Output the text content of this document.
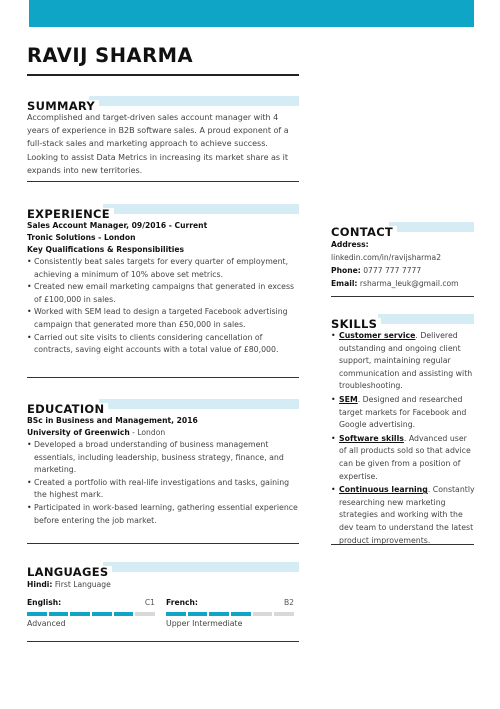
RAVIJ SHARMA
SUMMARY
Accomplished and target-driven sales account manager with 4 years of experience in B2B software sales. A proud exponent of a full-stack sales and marketing approach to achieve success. Looking to assist Data Metrics in increasing its market share as it expands into new territories.
EXPERIENCE
Sales Account Manager, 09/2016 - Current
Tronic Solutions - London
Key Qualifications & Responsibilities
• Consistently beat sales targets for every quarter of employment, achieving a minimum of 10% above set metrics.
• Created new email marketing campaigns that generated in excess of £100,000 in sales.
• Worked with SEM lead to design a targeted Facebook advertising campaign that generated more than £50,000 in sales.
• Carried out site visits to clients considering cancellation of contracts, saving eight accounts with a total value of £80,000.
EDUCATION
BSc in Business and Management, 2016
University of Greenwich - London
• Developed a broad understanding of business management essentials, including leadership, business strategy, finance, and marketing.
• Created a portfolio with real-life investigations and tasks, gaining the highest mark.
• Participated in work-based learning, gathering essential experience before entering the job market.
LANGUAGES
Hindi: First Language
English:	C1
Advanced
French:	B2
Upper Intermediate
CONTACT
Address:
linkedin.com/in/ravijsharma2
Phone: 0777 777 7777
Email: rsharma_leuk@gmail.com
SKILLS
• Customer service. Delivered outstanding and ongoing client support, maintaining regular communication and assisting with troubleshooting.
• SEM. Designed and researched target markets for Facebook and Google advertising.
• Software skills. Advanced user of all products sold so that advice can be given from a position of expertise.
• Continuous learning. Constantly researching new marketing strategies and working with the dev team to understand the latest product improvements.
